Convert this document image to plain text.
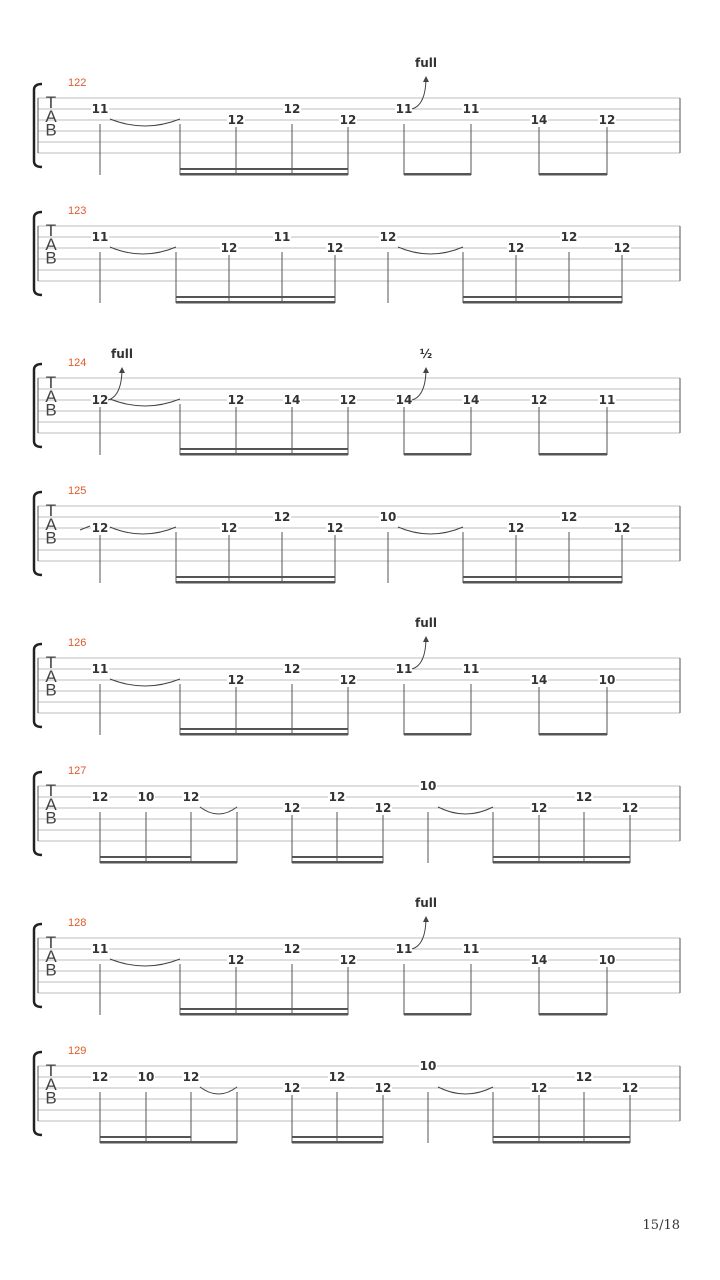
T
A
B
122
11
12
12
12
11
full
11
14	12
T
A
B
123
11
12
11
12
12
12
12
12
T
A
B
124
12
full
12	14	12	14
½
14	12	11
T
A
B
125
12	12
12
12
10
12
12
12
T
A
B
126
11
12
12
12
11
full
11
14	10
T
A
B
127
12 10 12
12
12
12
10
12
12
12
T
A
B
128
11
12
12
12
11
full
11
14	10
T
A
B
129
12 10 12
12
12
12
10
12
12
12
15/18
